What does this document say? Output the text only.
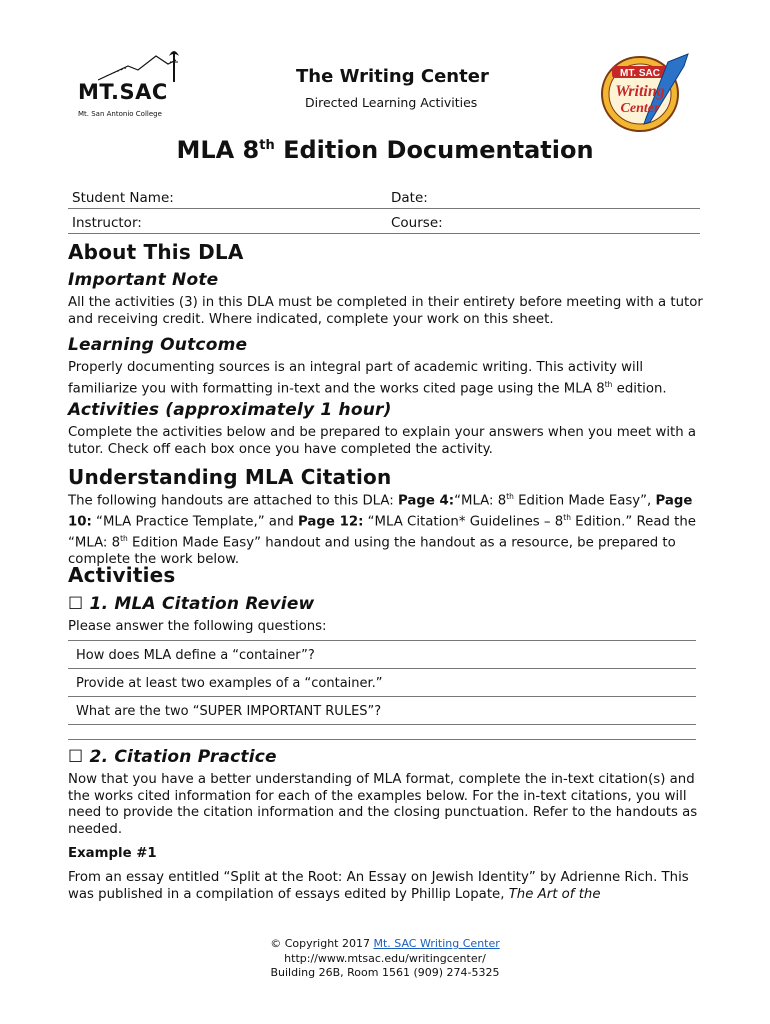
MT.SAC
Mt. San Antonio College
The Writing Center
Directed Learning Activities
MT. SAC
Writing
Center
MLA 8th Edition Documentation
Student Name:	Date:
Instructor:	Course:
About This DLA
Important Note

All the activities (3) in this DLA must be completed in their entirety before meeting with a tutor and receiving credit. Where indicated, complete your work on this sheet.

Learning Outcome

Properly documenting sources is an integral part of academic writing. This activity will familiarize you with formatting in-text and the works cited page using the MLA 8th edition.

Activities (approximately 1 hour)

Complete the activities below and be prepared to explain your answers when you meet with a tutor. Check off each box once you have completed the activity.

Understanding MLA Citation

The following handouts are attached to this DLA: Page 4:“MLA: 8th Edition Made Easy”, Page 10: “MLA Practice Template,” and Page 12: “MLA Citation* Guidelines – 8th Edition.” Read the “MLA: 8th Edition Made Easy” handout and using the handout as a resource, be prepared to complete the work below.

Activities
☐ 1. MLA Citation Review

Please answer the following questions:

How does MLA define a “container”?
Provide at least two examples of a “container.”
What are the two “SUPER IMPORTANT RULES”?
☐ 2. Citation Practice

Now that you have a better understanding of MLA format, complete the in-text citation(s) and the works cited information for each of the examples below. For the in-text citations, you will need to provide the citation information and the closing punctuation. Refer to the handouts as needed.

Example #1

From an essay entitled “Split at the Root: An Essay on Jewish Identity” by Adrienne Rich. This was published in a compilation of essays edited by Phillip Lopate, The Art of the

© Copyright 2017 Mt. SAC Writing Center
http://www.mtsac.edu/writingcenter/
Building 26B, Room 1561 (909) 274-5325
